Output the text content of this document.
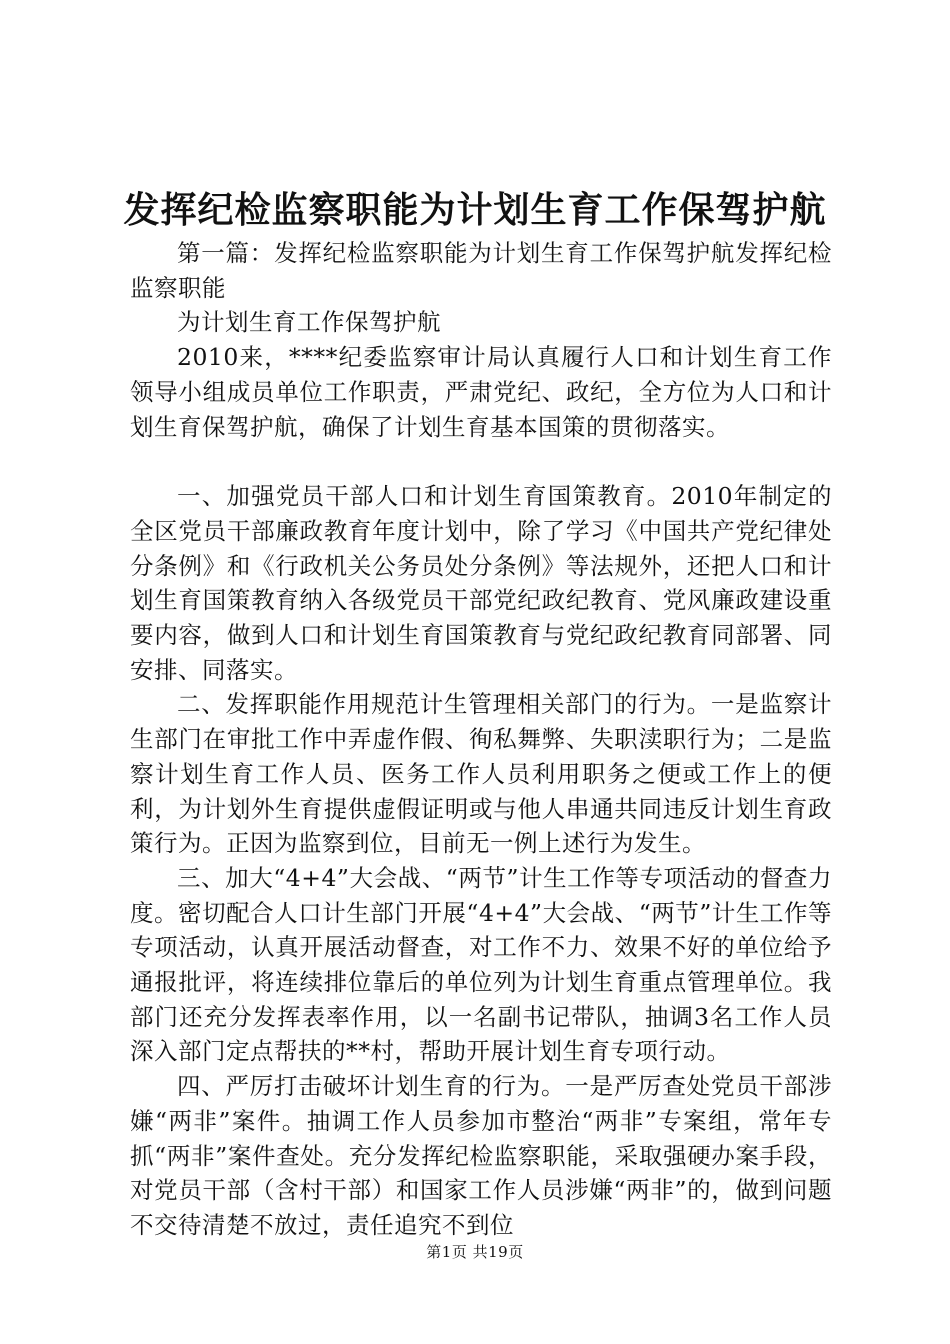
发挥纪检监察职能为计划生育工作保驾护航

第一篇：发挥纪检监察职能为计划生育工作保驾护航发挥纪检监察职能

为计划生育工作保驾护航

2010来，****纪委监察审计局认真履行人口和计划生育工作领导小组成员单位工作职责，严肃党纪、政纪，全方位为人口和计划生育保驾护航，确保了计划生育基本国策的贯彻落实。

一、加强党员干部人口和计划生育国策教育。2010年制定的全区党员干部廉政教育年度计划中，除了学习《中国共产党纪律处分条例》和《行政机关公务员处分条例》等法规外，还把人口和计划生育国策教育纳入各级党员干部党纪政纪教育、党风廉政建设重要内容，做到人口和计划生育国策教育与党纪政纪教育同部署、同安排、同落实。

二、发挥职能作用规范计生管理相关部门的行为。一是监察计生部门在审批工作中弄虚作假、徇私舞弊、失职渎职行为；二是监察计划生育工作人员、医务工作人员利用职务之便或工作上的便利，为计划外生育提供虚假证明或与他人串通共同违反计划生育政策行为。正因为监察到位，目前无一例上述行为发生。

三、加大“4+4”大会战、“两节”计生工作等专项活动的督查力度。密切配合人口计生部门开展“4+4”大会战、“两节”计生工作等专项活动，认真开展活动督查，对工作不力、效果不好的单位给予通报批评，将连续排位靠后的单位列为计划生育重点管理单位。我部门还充分发挥表率作用，以一名副书记带队，抽调3名工作人员深入部门定点帮扶的**村，帮助开展计划生育专项行动。

四、严厉打击破坏计划生育的行为。一是严厉查处党员干部涉嫌“两非”案件。抽调工作人员参加市整治“两非”专案组，常年专抓“两非”案件查处。充分发挥纪检监察职能，采取强硬办案手段，对党员干部（含村干部）和国家工作人员涉嫌“两非”的，做到问题不交待清楚不放过，责任追究不到位

第1页 共19页
